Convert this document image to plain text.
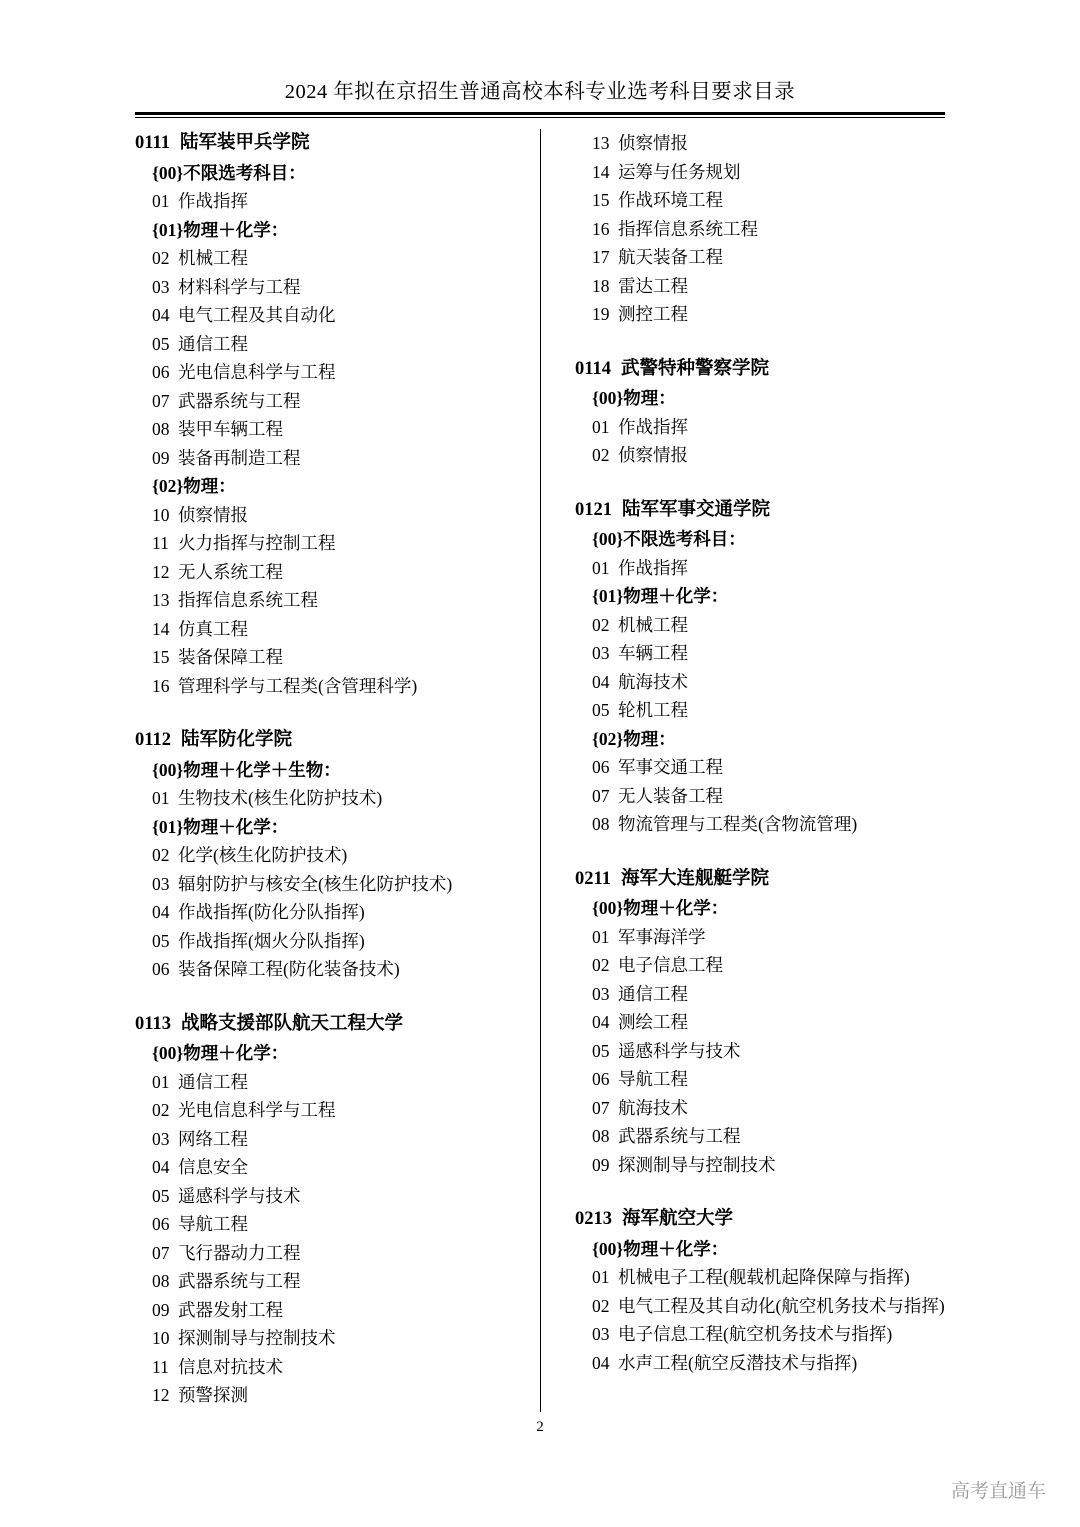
2024 年拟在京招生普通高校本科专业选考科目要求目录
0111 陆军装甲兵学院
{00}不限选考科目：
01 作战指挥
{01}物理＋化学：
02 机械工程
03 材料科学与工程
04 电气工程及其自动化
05 通信工程
06 光电信息科学与工程
07 武器系统与工程
08 装甲车辆工程
09 装备再制造工程
{02}物理：
10 侦察情报
11 火力指挥与控制工程
12 无人系统工程
13 指挥信息系统工程
14 仿真工程
15 装备保障工程
16 管理科学与工程类(含管理科学)
0112 陆军防化学院
{00}物理＋化学＋生物：
01 生物技术(核生化防护技术)
{01}物理＋化学：
02 化学(核生化防护技术)
03 辐射防护与核安全(核生化防护技术)
04 作战指挥(防化分队指挥)
05 作战指挥(烟火分队指挥)
06 装备保障工程(防化装备技术)
0113 战略支援部队航天工程大学
{00}物理＋化学：
01 通信工程
02 光电信息科学与工程
03 网络工程
04 信息安全
05 遥感科学与技术
06 导航工程
07 飞行器动力工程
08 武器系统与工程
09 武器发射工程
10 探测制导与控制技术
11 信息对抗技术
12 预警探测
13 侦察情报
14 运筹与任务规划
15 作战环境工程
16 指挥信息系统工程
17 航天装备工程
18 雷达工程
19 测控工程
0114 武警特种警察学院
{00}物理：
01 作战指挥
02 侦察情报
0121 陆军军事交通学院
{00}不限选考科目：
01 作战指挥
{01}物理＋化学：
02 机械工程
03 车辆工程
04 航海技术
05 轮机工程
{02}物理：
06 军事交通工程
07 无人装备工程
08 物流管理与工程类(含物流管理)
0211 海军大连舰艇学院
{00}物理＋化学：
01 军事海洋学
02 电子信息工程
03 通信工程
04 测绘工程
05 遥感科学与技术
06 导航工程
07 航海技术
08 武器系统与工程
09 探测制导与控制技术
0213 海军航空大学
{00}物理＋化学：
01 机械电子工程(舰载机起降保障与指挥)
02 电气工程及其自动化(航空机务技术与指挥)
03 电子信息工程(航空机务技术与指挥)
04 水声工程(航空反潜技术与指挥)
2
高考直通车
